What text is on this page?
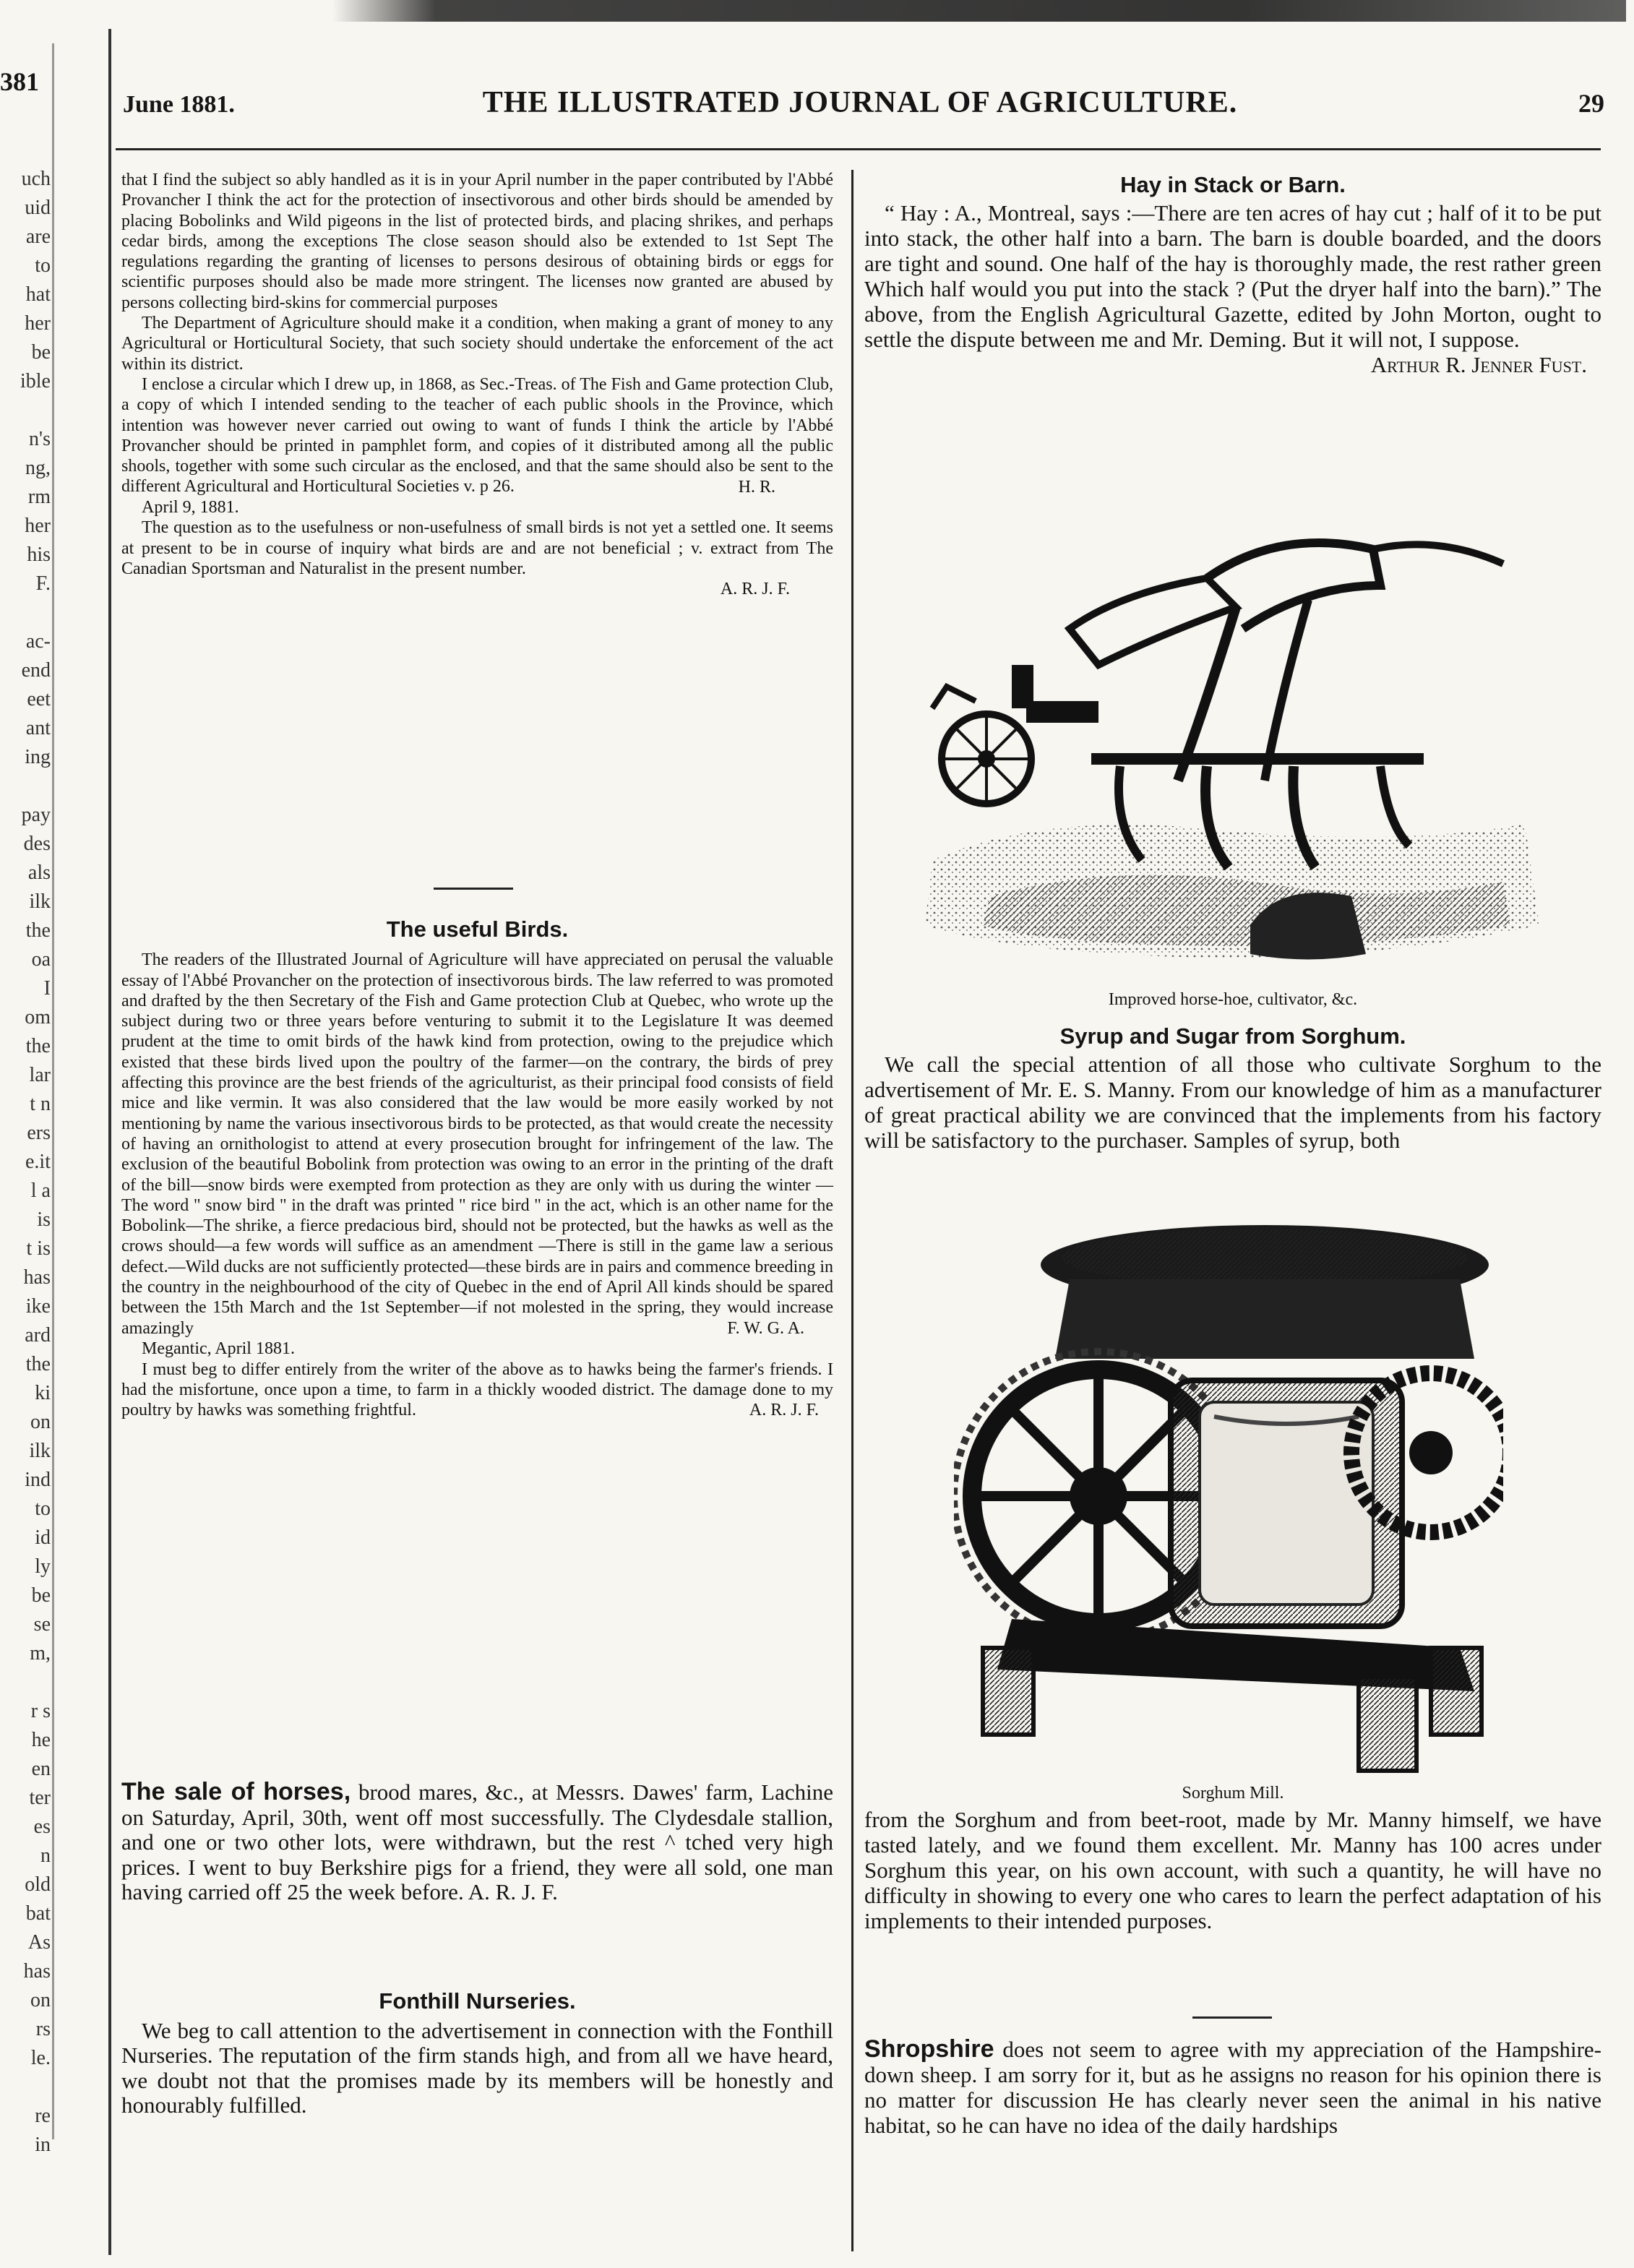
381
uch
uid
are
to
hat
her
be
ible
n's
ng,
rm
her
his
F.
ac-
end
eet
ant
ing
pay
des
als
ilk
the
oa
I
om
the
lar
t n
ers
e.it
l a
is
t is
has
ike
ard
the
ki
on
ilk
ind
to
id
ly
be
se
m,
r s
he
en
ter
es
n
old
bat
As
has
on
rs
le.
re
in
June 1881.	THE ILLUSTRATED JOURNAL OF AGRICULTURE.	29

that I find the subject so ably handled as it is in your April number in the paper contributed by l'Abbé Provancher I think the act for the protection of insectivorous and other birds should be amended by placing Bobolinks and Wild pigeons in the list of protected birds, and placing shrikes, and perhaps cedar birds, among the exceptions The close season should also be extended to 1st Sept The regulations regarding the granting of licenses to persons desirous of obtaining birds or eggs for scientific purposes should also be made more stringent. The licenses now granted are abused by persons collecting bird-skins for commercial purposes

The Department of Agriculture should make it a condition, when making a grant of money to any Agricultural or Horticultural Society, that such society should undertake the enforcement of the act within its district.

I enclose a circular which I drew up, in 1868, as Sec.-Treas. of The Fish and Game protection Club, a copy of which I intended sending to the teacher of each public shools in the Province, which intention was however never carried out owing to want of funds I think the article by l'Abbé Provancher should be printed in pamphlet form, and copies of it distributed among all the public shools, together with some such circular as the enclosed, and that the same should also be sent to the different Agricultural and Horticultural Societies v. p 26.	H. R.

April 9, 1881.

The question as to the usefulness or non-usefulness of small birds is not yet a settled one. It seems at present to be in course of inquiry what birds are and are not beneficial ; v. extract from The Canadian Sportsman and Naturalist in the present number.

A. R. J. F.

The useful Birds.

The readers of the Illustrated Journal of Agriculture will have appreciated on perusal the valuable essay of l'Abbé Provancher on the protection of insectivorous birds. The law referred to was promoted and drafted by the then Secretary of the Fish and Game protection Club at Quebec, who wrote up the subject during two or three years before venturing to submit it to the Legislature It was deemed prudent at the time to omit birds of the hawk kind from protection, owing to the prejudice which existed that these birds lived upon the poultry of the farmer—on the contrary, the birds of prey affecting this province are the best friends of the agriculturist, as their principal food consists of field mice and like vermin. It was also considered that the law would be more easily worked by not mentioning by name the various insectivorous birds to be protected, as that would create the necessity of having an ornithologist to attend at every prosecution brought for infringement of the law. The exclusion of the beautiful Bobolink from protection was owing to an error in the printing of the draft of the bill—snow birds were exempted from protection as they are only with us during the winter —The word " snow bird " in the draft was printed " rice bird " in the act, which is an other name for the Bobolink—The shrike, a fierce predacious bird, should not be protected, but the hawks as well as the crows should—a few words will suffice as an amendment —There is still in the game law a serious defect.—Wild ducks are not sufficiently protected—these birds are in pairs and commence breeding in the country in the neighbourhood of the city of Quebec in the end of April All kinds should be spared between the 15th March and the 1st September—if not molested in the spring, they would increase amazingly	F. W. G. A.

Megantic, April 1881.

I must beg to differ entirely from the writer of the above as to hawks being the farmer's friends. I had the misfortune, once upon a time, to farm in a thickly wooded district. The damage done to my poultry by hawks was something frightful.	A. R. J. F.

The sale of horses, brood mares, &c., at Messrs. Dawes' farm, Lachine on Saturday, April, 30th, went off most successfully. The Clydesdale stallion, and one or two other lots, were withdrawn, but the rest ^ tched very high prices. I went to buy Berkshire pigs for a friend, they were all sold, one man having carried off 25 the week before. A. R. J. F.

Fonthill Nurseries.

We beg to call attention to the advertisement in connection with the Fonthill Nurseries. The reputation of the firm stands high, and from all we have heard, we doubt not that the promises made by its members will be honestly and honourably fulfilled.

Hay in Stack or Barn.

“ Hay : A., Montreal, says :—There are ten acres of hay cut ; half of it to be put into stack, the other half into a barn. The barn is double boarded, and the doors are tight and sound. One half of the hay is thoroughly made, the rest rather green Which half would you put into the stack ? (Put the dryer half into the barn).” The above, from the English Agricultural Gazette, edited by John Morton, ought to settle the dispute between me and Mr. Deming. But it will not, I suppose.

Arthur R. Jenner Fust.

Improved horse-hoe, cultivator, &c.

Syrup and Sugar from Sorghum.

We call the special attention of all those who cultivate Sorghum to the advertisement of Mr. E. S. Manny. From our knowledge of him as a manufacturer of great practical ability we are convinced that the implements from his factory will be satisfactory to the purchaser. Samples of syrup, both

Sorghum Mill.

from the Sorghum and from beet-root, made by Mr. Manny himself, we have tasted lately, and we found them excellent. Mr. Manny has 100 acres under Sorghum this year, on his own account, with such a quantity, he will have no difficulty in showing to every one who cares to learn the perfect adaptation of his implements to their intended purposes.

Shropshire does not seem to agree with my appreciation of the Hampshire-down sheep. I am sorry for it, but as he assigns no reason for his opinion there is no matter for discussion He has clearly never seen the animal in his native habitat, so he can have no idea of the daily hardships
